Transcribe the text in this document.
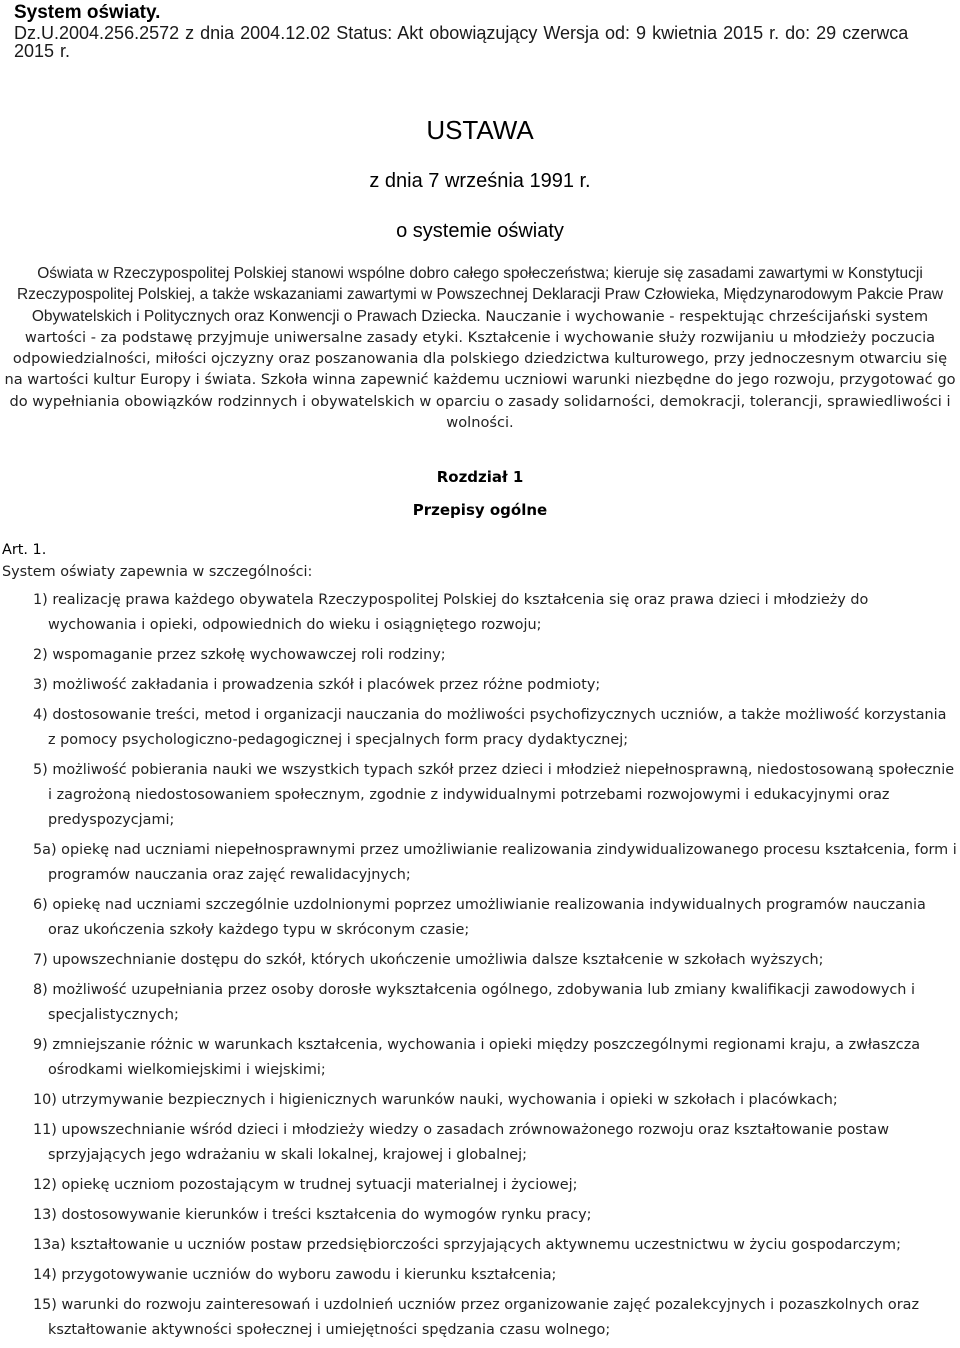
System oświaty.
Dz.U.2004.256.2572 z dnia 2004.12.02 Status: Akt obowiązujący Wersja od: 9 kwietnia 2015 r. do: 29 czerwca 2015 r.
USTAWA
z dnia 7 września 1991 r.
o systemie oświaty
Oświata w Rzeczypospolitej Polskiej stanowi wspólne dobro całego społeczeństwa; kieruje się zasadami zawartymi w Konstytucji Rzeczypospolitej Polskiej, a także wskazaniami zawartymi w Powszechnej Deklaracji Praw Człowieka, Międzynarodowym Pakcie Praw Obywatelskich i Politycznych oraz Konwencji o Prawach Dziecka. Nauczanie i wychowanie - respektując chrześcijański system wartości - za podstawę przyjmuje uniwersalne zasady etyki. Kształcenie i wychowanie służy rozwijaniu u młodzieży poczucia odpowiedzialności, miłości ojczyzny oraz poszanowania dla polskiego dziedzictwa kulturowego, przy jednoczesnym otwarciu się na wartości kultur Europy i świata. Szkoła winna zapewnić każdemu uczniowi warunki niezbędne do jego rozwoju, przygotować go do wypełniania obowiązków rodzinnych i obywatelskich w oparciu o zasady solidarności, demokracji, tolerancji, sprawiedliwości i wolności.
Rozdział 1
Przepisy ogólne
Art. 1.
System oświaty zapewnia w szczególności:
1) realizację prawa każdego obywatela Rzeczypospolitej Polskiej do kształcenia się oraz prawa dzieci i młodzieży do wychowania i opieki, odpowiednich do wieku i osiągniętego rozwoju;
2) wspomaganie przez szkołę wychowawczej roli rodziny;
3) możliwość zakładania i prowadzenia szkół i placówek przez różne podmioty;
4) dostosowanie treści, metod i organizacji nauczania do możliwości psychofizycznych uczniów, a także możliwość korzystania z pomocy psychologiczno-pedagogicznej i specjalnych form pracy dydaktycznej;
5) możliwość pobierania nauki we wszystkich typach szkół przez dzieci i młodzież niepełnosprawną, niedostosowaną społecznie i zagrożoną niedostosowaniem społecznym, zgodnie z indywidualnymi potrzebami rozwojowymi i edukacyjnymi oraz predyspozycjami;
5a) opiekę nad uczniami niepełnosprawnymi przez umożliwianie realizowania zindywidualizowanego procesu kształcenia, form i programów nauczania oraz zajęć rewalidacyjnych;
6) opiekę nad uczniami szczególnie uzdolnionymi poprzez umożliwianie realizowania indywidualnych programów nauczania oraz ukończenia szkoły każdego typu w skróconym czasie;
7) upowszechnianie dostępu do szkół, których ukończenie umożliwia dalsze kształcenie w szkołach wyższych;
8) możliwość uzupełniania przez osoby dorosłe wykształcenia ogólnego, zdobywania lub zmiany kwalifikacji zawodowych i specjalistycznych;
9) zmniejszanie różnic w warunkach kształcenia, wychowania i opieki między poszczególnymi regionami kraju, a zwłaszcza ośrodkami wielkomiejskimi i wiejskimi;
10) utrzymywanie bezpiecznych i higienicznych warunków nauki, wychowania i opieki w szkołach i placówkach;
11) upowszechnianie wśród dzieci i młodzieży wiedzy o zasadach zrównoważonego rozwoju oraz kształtowanie postaw sprzyjających jego wdrażaniu w skali lokalnej, krajowej i globalnej;
12) opiekę uczniom pozostającym w trudnej sytuacji materialnej i życiowej;
13) dostosowywanie kierunków i treści kształcenia do wymogów rynku pracy;
13a) kształtowanie u uczniów postaw przedsiębiorczości sprzyjających aktywnemu uczestnictwu w życiu gospodarczym;
14) przygotowywanie uczniów do wyboru zawodu i kierunku kształcenia;
15) warunki do rozwoju zainteresowań i uzdolnień uczniów przez organizowanie zajęć pozalekcyjnych i pozaszkolnych oraz kształtowanie aktywności społecznej i umiejętności spędzania czasu wolnego;
